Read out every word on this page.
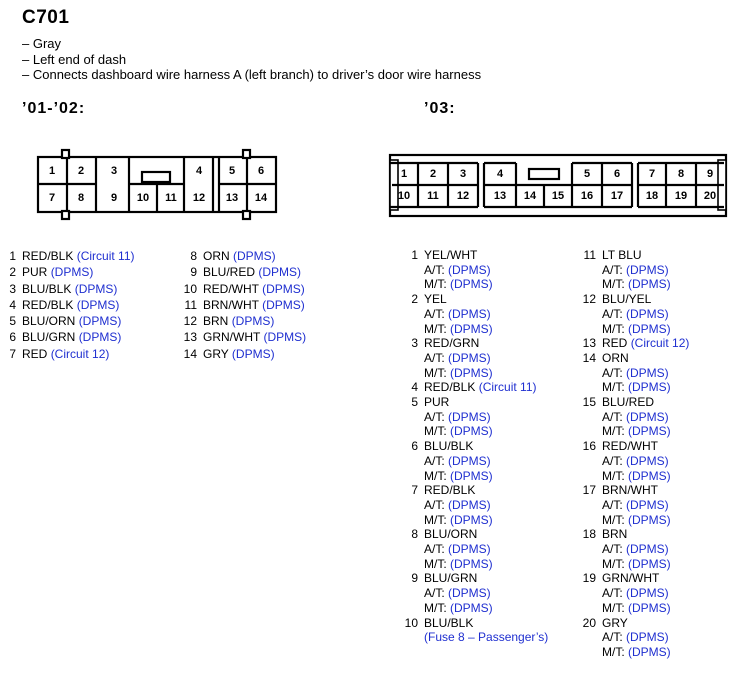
C701
– Gray
– Left end of dash
– Connects dashboard wire harness A (left branch) to driver’s door wire harness
’01-’02:	’03:
1 2 3	4 5 6
7 8 9 10 11 12 13 14
1 2 3	4	5 6	7 8 9
10 11 12 13 14 15 16 17 18 19 20
1 RED/BLK (Circuit 11)
2 PUR (DPMS)
3 BLU/BLK (DPMS)
4 RED/BLK (DPMS)
5 BLU/ORN (DPMS)
6 BLU/GRN (DPMS)
7 RED (Circuit 12)
8 ORN (DPMS)
9 BLU/RED (DPMS)
10 RED/WHT (DPMS)
11 BRN/WHT (DPMS)
12 BRN (DPMS)
13 GRN/WHT (DPMS)
14 GRY (DPMS)
1 YEL/WHT
A/T: (DPMS)
M/T: (DPMS)
2 YEL
A/T: (DPMS)
M/T: (DPMS)
3 RED/GRN
A/T: (DPMS)
M/T: (DPMS)
4 RED/BLK (Circuit 11)
5 PUR
A/T: (DPMS)
M/T: (DPMS)
6 BLU/BLK
A/T: (DPMS)
M/T: (DPMS)
7 RED/BLK
A/T: (DPMS)
M/T: (DPMS)
8 BLU/ORN
A/T: (DPMS)
M/T: (DPMS)
9 BLU/GRN
A/T: (DPMS)
M/T: (DPMS)
10 BLU/BLK
(Fuse 8 – Passenger’s)
11 LT BLU
A/T: (DPMS)
M/T: (DPMS)
12 BLU/YEL
A/T: (DPMS)
M/T: (DPMS)
13 RED (Circuit 12)
14 ORN
A/T: (DPMS)
M/T: (DPMS)
15 BLU/RED
A/T: (DPMS)
M/T: (DPMS)
16 RED/WHT
A/T: (DPMS)
M/T: (DPMS)
17 BRN/WHT
A/T: (DPMS)
M/T: (DPMS)
18 BRN
A/T: (DPMS)
M/T: (DPMS)
19 GRN/WHT
A/T: (DPMS)
M/T: (DPMS)
20 GRY
A/T: (DPMS)
M/T: (DPMS)
